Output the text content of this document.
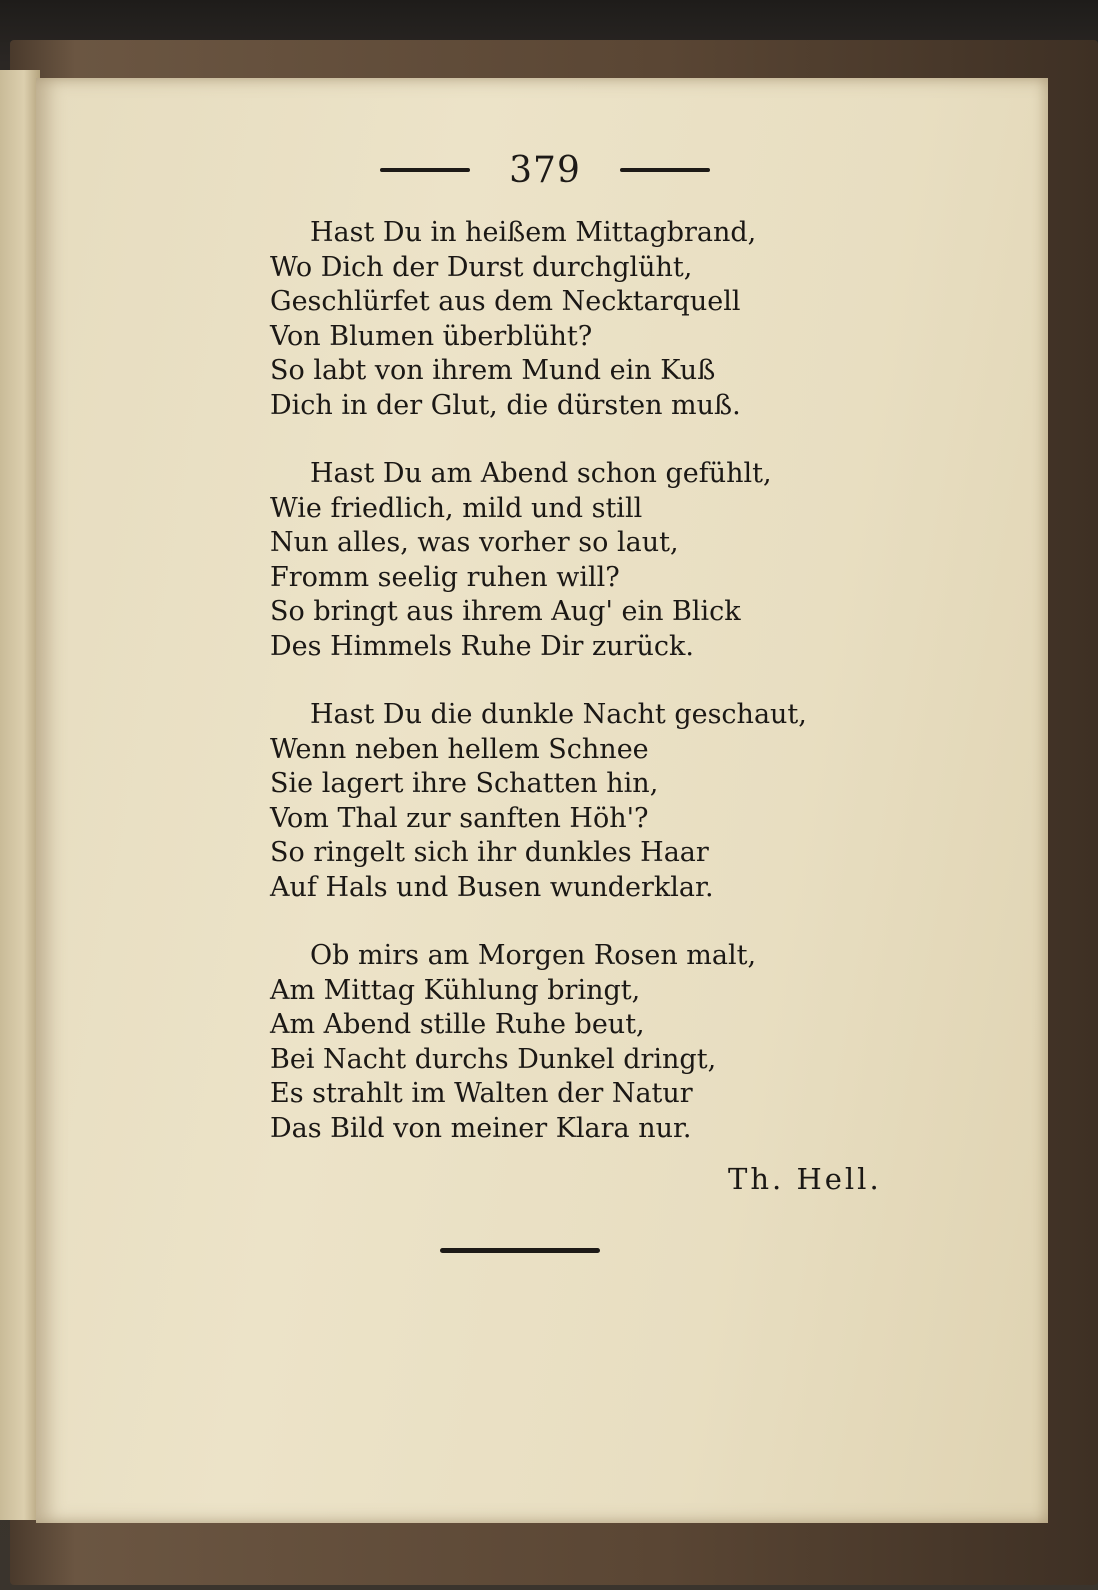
379
Hast Du in heißem Mittagbrand,
Wo Dich der Durst durchglüht,
Geschlürfet aus dem Necktarquell
Von Blumen überblüht?
So labt von ihrem Mund ein Kuß
Dich in der Glut, die dürsten muß.
Hast Du am Abend schon gefühlt,
Wie friedlich, mild und still
Nun alles, was vorher so laut,
Fromm seelig ruhen will?
So bringt aus ihrem Aug' ein Blick
Des Himmels Ruhe Dir zurück.
Hast Du die dunkle Nacht geschaut,
Wenn neben hellem Schnee
Sie lagert ihre Schatten hin,
Vom Thal zur sanften Höh'?
So ringelt sich ihr dunkles Haar
Auf Hals und Busen wunderklar.
Ob mirs am Morgen Rosen malt,
Am Mittag Kühlung bringt,
Am Abend stille Ruhe beut,
Bei Nacht durchs Dunkel dringt,
Es strahlt im Walten der Natur
Das Bild von meiner Klara nur.
Th. Hell.
